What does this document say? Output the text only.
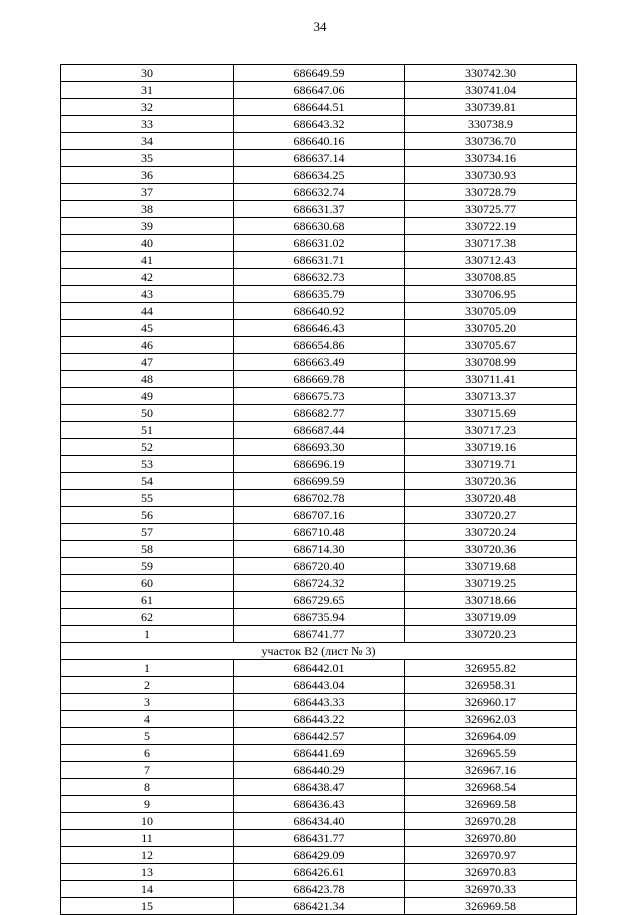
34
30	686649.59	330742.30
31	686647.06	330741.04
32	686644.51	330739.81
33	686643.32	330738.9
34	686640.16	330736.70
35	686637.14	330734.16
36	686634.25	330730.93
37	686632.74	330728.79
38	686631.37	330725.77
39	686630.68	330722.19
40	686631.02	330717.38
41	686631.71	330712.43
42	686632.73	330708.85
43	686635.79	330706.95
44	686640.92	330705.09
45	686646.43	330705.20
46	686654.86	330705.67
47	686663.49	330708.99
48	686669.78	330711.41
49	686675.73	330713.37
50	686682.77	330715.69
51	686687.44	330717.23
52	686693.30	330719.16
53	686696.19	330719.71
54	686699.59	330720.36
55	686702.78	330720.48
56	686707.16	330720.27
57	686710.48	330720.24
58	686714.30	330720.36
59	686720.40	330719.68
60	686724.32	330719.25
61	686729.65	330718.66
62	686735.94	330719.09
1	686741.77	330720.23
участок В2 (лист № 3)		
1	686442.01	326955.82
2	686443.04	326958.31
3	686443.33	326960.17
4	686443.22	326962.03
5	686442.57	326964.09
6	686441.69	326965.59
7	686440.29	326967.16
8	686438.47	326968.54
9	686436.43	326969.58
10	686434.40	326970.28
11	686431.77	326970.80
12	686429.09	326970.97
13	686426.61	326970.83
14	686423.78	326970.33
15	686421.34	326969.58
